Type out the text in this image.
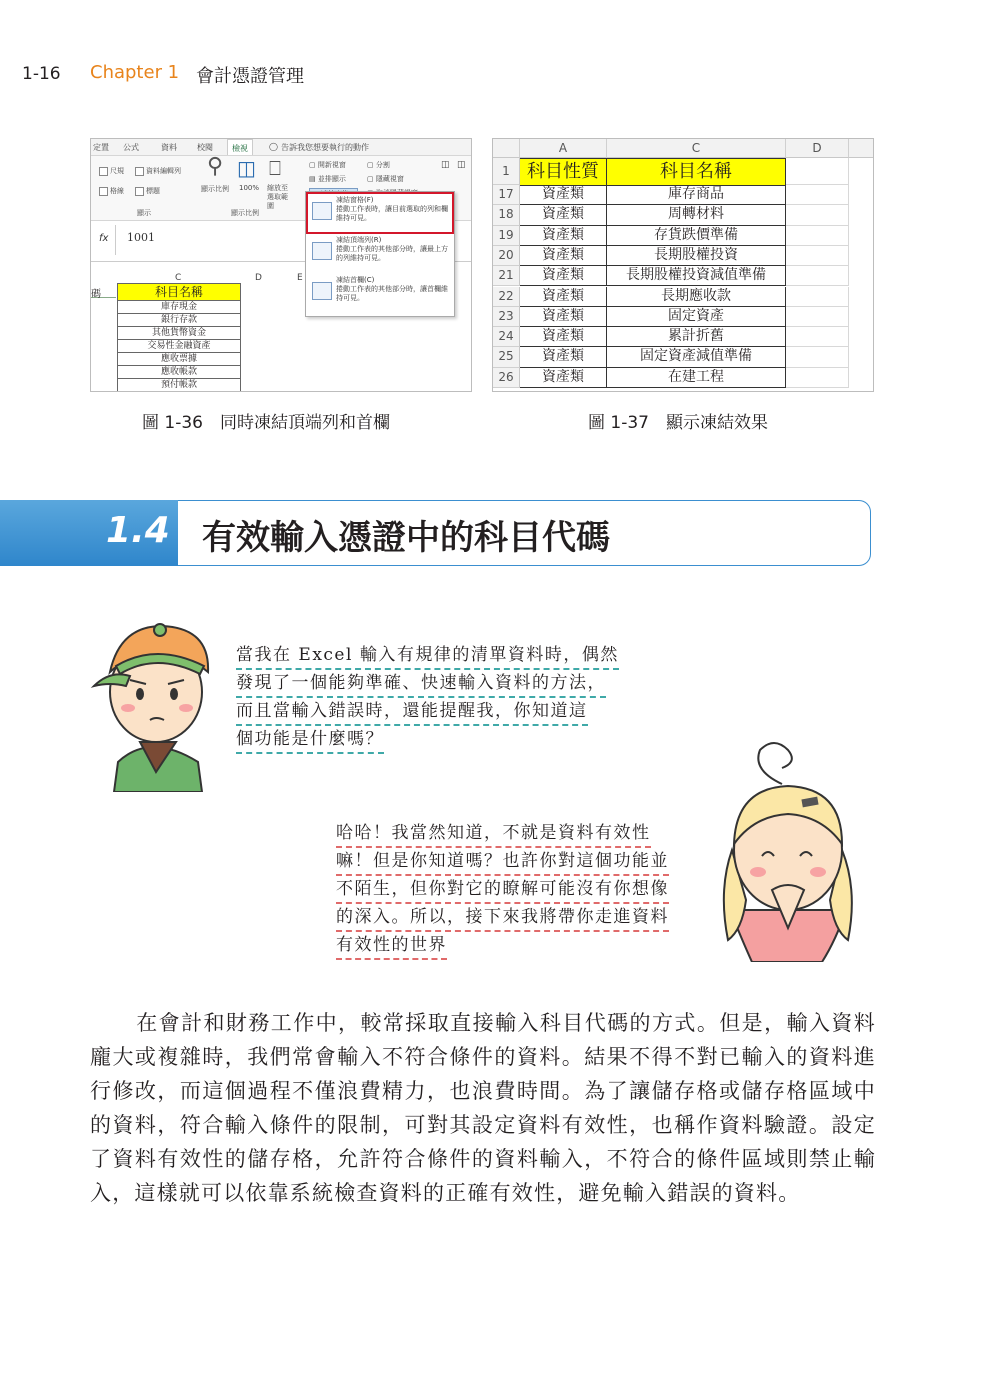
1-16 Chapter 1 會計憑證管理
定置 公式	資料	校閱	檢視	◯ 告訴我您想要執行的動作
尺規	資料編輯列
格線	標題
顯示
⚲ ◫ ⎕
顯示比例 100% 縮放至選取範圍
顯示比例
▢ 開新視窗
▤ 並排顯示
▢ 分割
▢ 隱藏視窗
◫ ◫
fx 1001
C	D	E
碼	科目名稱
庫存現金
銀行存款
其他貨幣資金
交易性金融資產
應收票據
應收帳款
預付帳款
凍結窗格(F)
捲動工作表時，讓目前選取的列和欄維持可見。
凍結頂端列(R)
捲動工作表的其他部分時，讓最上方的列維持可見。
凍結首欄(C)
捲動工作表的其他部分時，讓首欄維持可見。
圖 1-36　同時凍結頂端列和首欄
A	C	D
1 科目性質	科目名稱
17	資產類	庫存商品
18	資產類	周轉材料
19	資產類	存貨跌價準備
20	資產類	長期股權投資
21	資產類	長期股權投資減值準備
22	資產類	長期應收款
23	資產類	固定資產
24	資產類	累計折舊
25	資產類	固定資產減值準備
26	資產類	在建工程
圖 1-37　顯示凍結效果
1.4 有效輸入憑證中的科目代碼
當我在 Excel 輸入有規律的清單資料時，偶然
發現了一個能夠準確、快速輸入資料的方法，
而且當輸入錯誤時，還能提醒我，你知道這
個功能是什麼嗎？
哈哈！我當然知道，不就是資料有效性
嘛！但是你知道嗎？也許你對這個功能並
不陌生，但你對它的瞭解可能沒有你想像
的深入。所以，接下來我將帶你走進資料
有效性的世界
在會計和財務工作中，較常採取直接輸入科目代碼的方式。但是，輸入資料龐大或複雜時，我們常會輸入不符合條件的資料。結果不得不對已輸入的資料進行修改，而這個過程不僅浪費精力，也浪費時間。為了讓儲存格或儲存格區域中的資料，符合輸入條件的限制，可對其設定資料有效性，也稱作資料驗證。設定了資料有效性的儲存格，允許符合條件的資料輸入，不符合的條件區域則禁止輸入，這樣就可以依靠系統檢查資料的正確有效性，避免輸入錯誤的資料。
